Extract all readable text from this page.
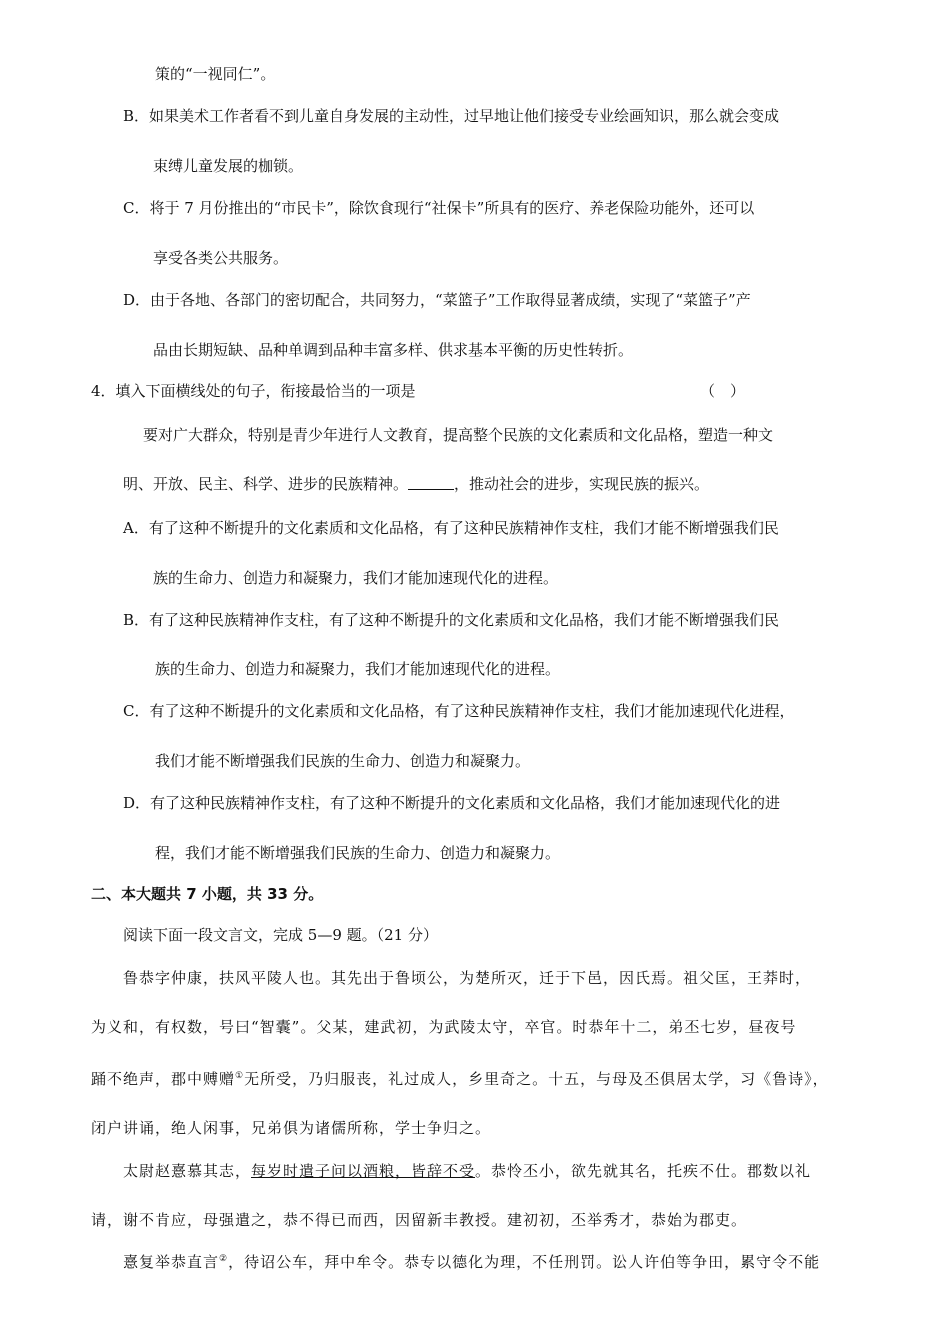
策的“一视同仁”。
B．如果美术工作者看不到儿童自身发展的主动性，过早地让他们接受专业绘画知识，那么就会变成
束缚儿童发展的枷锁。
C．将于 7 月份推出的“市民卡”，除饮食现行“社保卡”所具有的医疗、养老保险功能外，还可以
享受各类公共服务。
D．由于各地、各部门的密切配合，共同努力，“菜篮子”工作取得显著成绩，实现了“菜篮子”产
品由长期短缺、品种单调到品种丰富多样、供求基本平衡的历史性转折。
4．填入下面横线处的句子，衔接最恰当的一项是	（　）
要对广大群众，特别是青少年进行人文教育，提高整个民族的文化素质和文化品格，塑造一种文
明、开放、民主、科学、进步的民族精神。	，推动社会的进步，实现民族的振兴。
A．有了这种不断提升的文化素质和文化品格，有了这种民族精神作支柱，我们才能不断增强我们民
族的生命力、创造力和凝聚力，我们才能加速现代化的进程。
B．有了这种民族精神作支柱，有了这种不断提升的文化素质和文化品格，我们才能不断增强我们民
族的生命力、创造力和凝聚力，我们才能加速现代化的进程。
C．有了这种不断提升的文化素质和文化品格，有了这种民族精神作支柱，我们才能加速现代化进程，
我们才能不断增强我们民族的生命力、创造力和凝聚力。
D．有了这种民族精神作支柱，有了这种不断提升的文化素质和文化品格，我们才能加速现代化的进
程，我们才能不断增强我们民族的生命力、创造力和凝聚力。
二、本大题共 7 小题，共 33 分。
阅读下面一段文言文，完成 5—9 题。（21 分）
鲁恭字仲康，扶风平陵人也。其先出于鲁顷公，为楚所灭，迁于下邑，因氏焉。祖父匡，王莽时，
为义和，有权数，号曰“智囊”。父某，建武初，为武陵太守，卒官。时恭年十二，弟丕七岁，昼夜号
踊不绝声，郡中赙赠①无所受，乃归服丧，礼过成人，乡里奇之。十五，与母及丕俱居太学，习《鲁诗》，
闭户讲诵，绝人闲事，兄弟俱为诸儒所称，学士争归之。
太尉赵憙慕其志，每岁时遣子问以酒粮，皆辞不受。恭怜丕小，欲先就其名，托疾不仕。郡数以礼
请，谢不肯应，母强遣之，恭不得已而西，因留新丰教授。建初初，丕举秀才，恭始为郡吏。
憙复举恭直言②，待诏公车，拜中牟令。恭专以德化为理，不任刑罚。讼人许伯等争田，累守令不能
